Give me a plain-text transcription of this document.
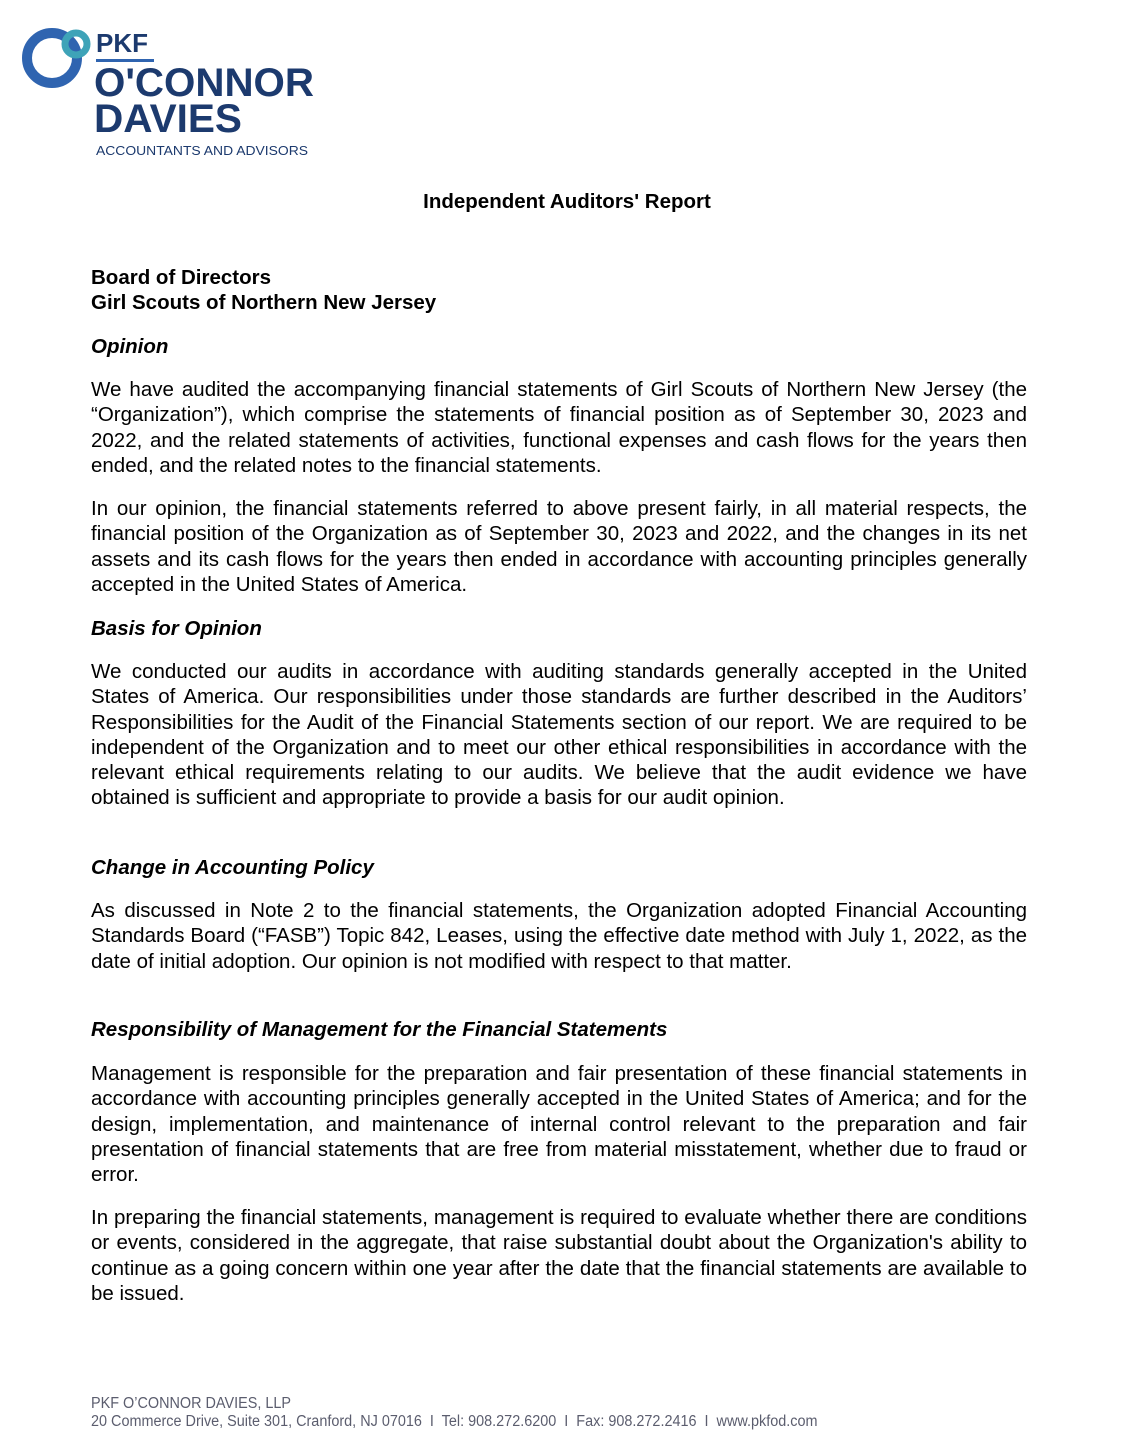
PKF
O'CONNOR
DAVIES
ACCOUNTANTS AND ADVISORS
Independent Auditors' Report
Board of Directors
Girl Scouts of Northern New Jersey
Opinion
We have audited the accompanying financial statements of Girl Scouts of Northern New Jersey (the “Organization”), which comprise the statements of financial position as of September 30, 2023 and 2022, and the related statements of activities, functional expenses and cash flows for the years then ended, and the related notes to the financial statements.
In our opinion, the financial statements referred to above present fairly, in all material respects, the financial position of the Organization as of September 30, 2023 and 2022, and the changes in its net assets and its cash flows for the years then ended in accordance with accounting principles generally accepted in the United States of America.
Basis for Opinion
We conducted our audits in accordance with auditing standards generally accepted in the United States of America. Our responsibilities under those standards are further described in the Auditors’ Responsibilities for the Audit of the Financial Statements section of our report. We are required to be independent of the Organization and to meet our other ethical responsibilities in accordance with the relevant ethical requirements relating to our audits. We believe that the audit evidence we have obtained is sufficient and appropriate to provide a basis for our audit opinion.
Change in Accounting Policy
As discussed in Note 2 to the financial statements, the Organization adopted Financial Accounting Standards Board (“FASB”) Topic 842, Leases, using the effective date method with July 1, 2022, as the date of initial adoption. Our opinion is not modified with respect to that matter.
Responsibility of Management for the Financial Statements
Management is responsible for the preparation and fair presentation of these financial statements in accordance with accounting principles generally accepted in the United States of America; and for the design, implementation, and maintenance of internal control relevant to the preparation and fair presentation of financial statements that are free from material misstatement, whether due to fraud or error.
In preparing the financial statements, management is required to evaluate whether there are conditions or events, considered in the aggregate, that raise substantial doubt about the Organization's ability to continue as a going concern within one year after the date that the financial statements are available to be issued.
PKF O’CONNOR DAVIES, LLP
20 Commerce Drive, Suite 301, Cranford, NJ 07016  I  Tel: 908.272.6200  I  Fax: 908.272.2416  I  www.pkfod.com
